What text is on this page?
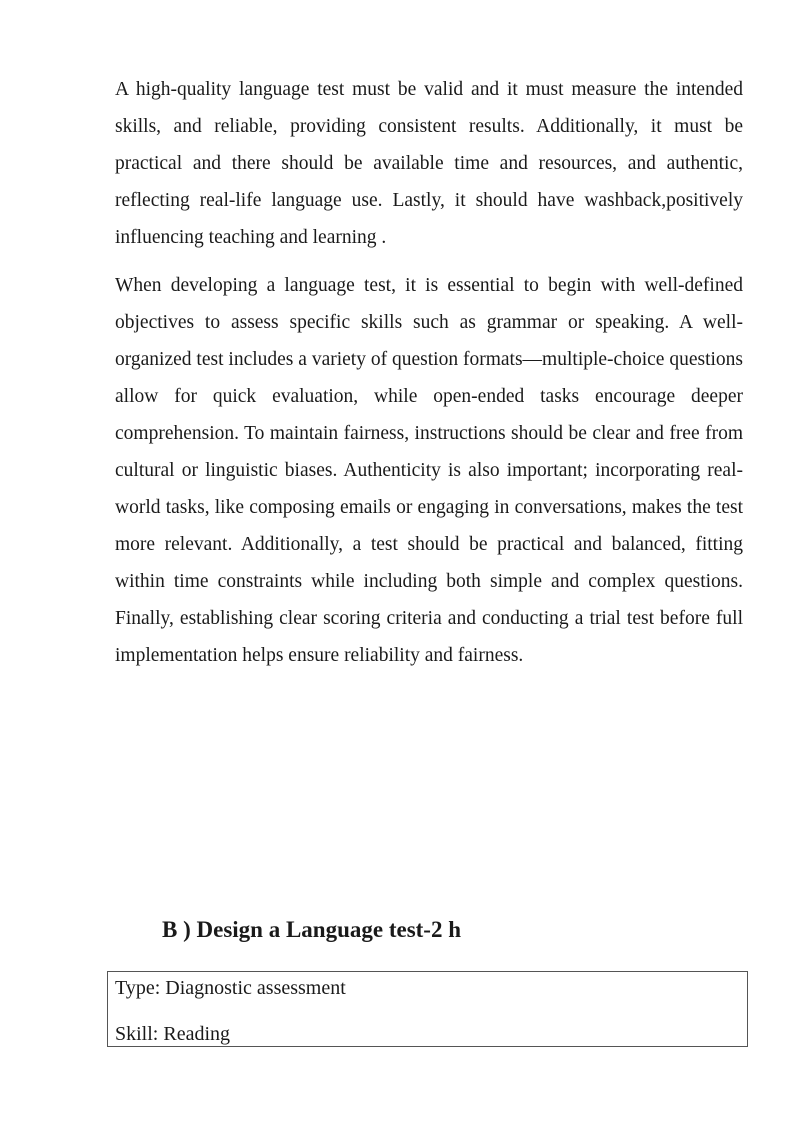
A high-quality language test must be valid and it must measure the intended skills, and reliable, providing consistent results. Additionally, it must be practical and there should be available time and resources, and authentic, reflecting real-life language use. Lastly, it should have washback,positively influencing teaching and learning .

When developing a language test, it is essential to begin with well-defined objectives to assess specific skills such as grammar or speaking. A well-organized test includes a variety of question formats—multiple-choice questions allow for quick evaluation, while open-ended tasks encourage deeper comprehension. To maintain fairness, instructions should be clear and free from cultural or linguistic biases. Authenticity is also important; incorporating real-world tasks, like composing emails or engaging in conversations, makes the test more relevant. Additionally, a test should be practical and balanced, fitting within time constraints while including both simple and complex questions. Finally, establishing clear scoring criteria and conducting a trial test before full implementation helps ensure reliability and fairness.

B ) Design a Language test-2 h

Type: Diagnostic assessment

Skill: Reading
